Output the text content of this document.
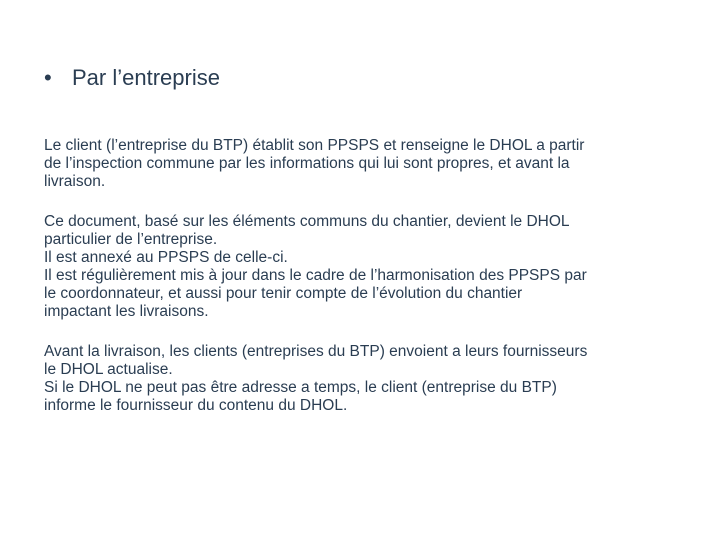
• Par l’entreprise

Le client (l’entreprise du BTP) établit son PPSPS et renseigne le DHOL a partir
de l’inspection commune par les informations qui lui sont propres, et avant la
livraison.

Ce document, basé sur les éléments communs du chantier, devient le DHOL
particulier de l’entreprise.
Il est annexé au PPSPS de celle-ci.
Il est régulièrement mis à jour dans le cadre de l’harmonisation des PPSPS par
le coordonnateur, et aussi pour tenir compte de l’évolution du chantier
impactant les livraisons.

Avant la livraison, les clients (entreprises du BTP) envoient a leurs fournisseurs
le DHOL actualise.
Si le DHOL ne peut pas être adresse a temps, le client (entreprise du BTP)
informe le fournisseur du contenu du DHOL.
